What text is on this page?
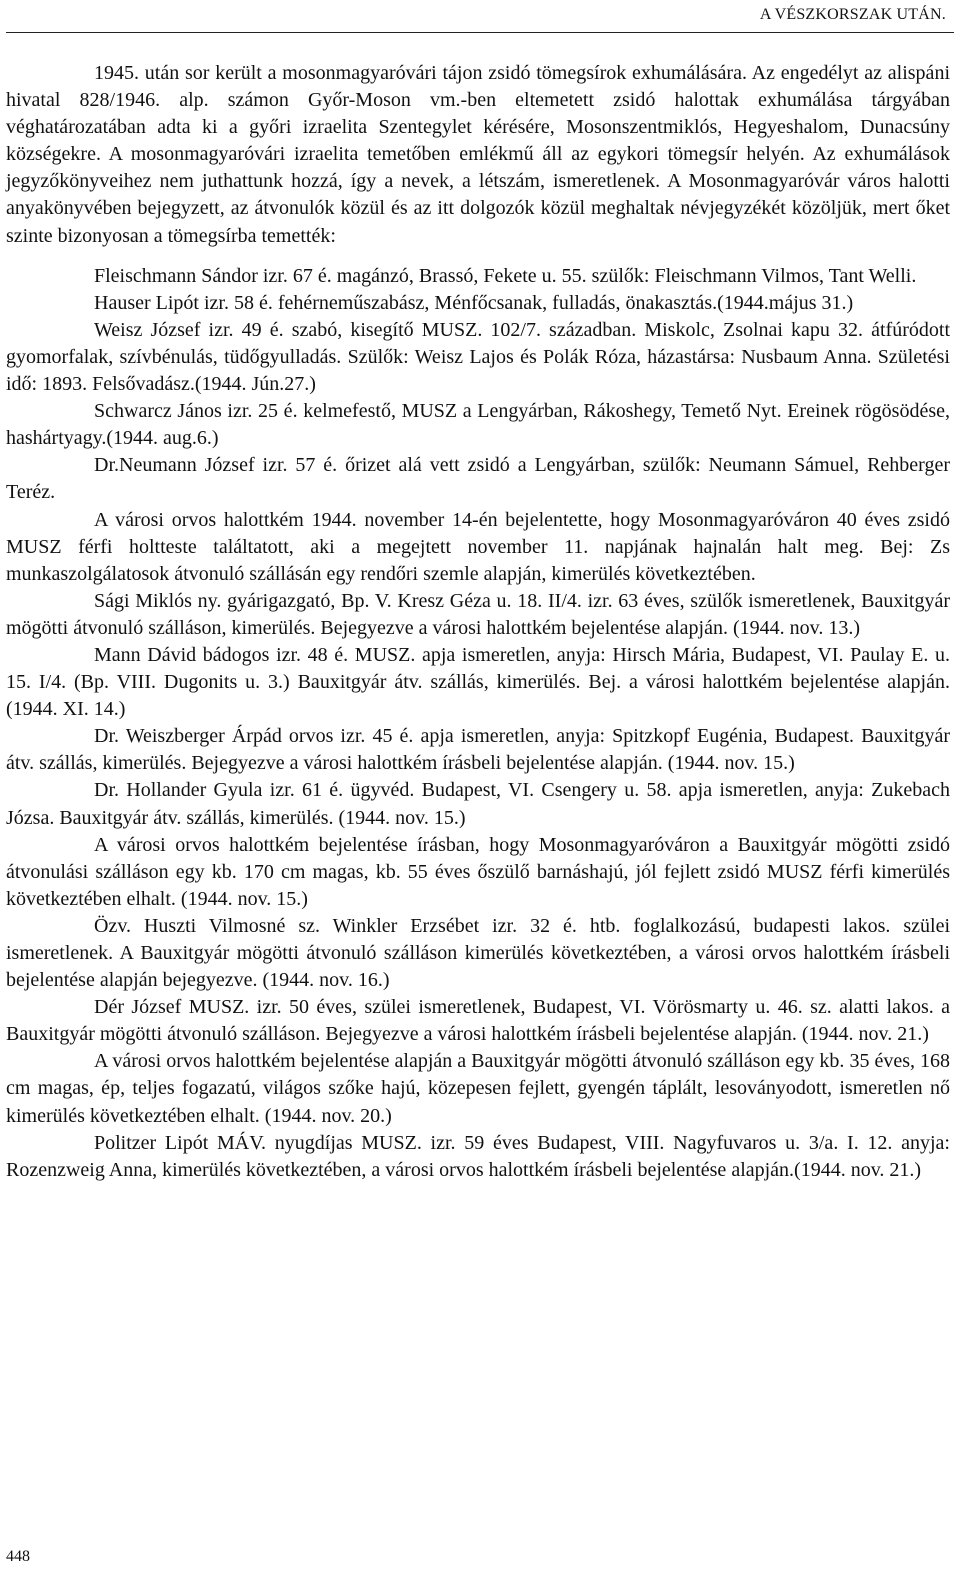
A VÉSZKORSZAK UTÁN.

1945. után sor került a mosonmagyaróvári tájon zsidó tömegsírok exhumálására. Az engedélyt az alispáni hivatal 828/1946. alp. számon Győr-Moson vm.-ben eltemetett zsidó halottak exhumálása tárgyában véghatározatában adta ki a győri izraelita Szentegylet kérésére, Mosonszentmiklós, Hegyeshalom, Dunacsúny községekre. A mosonmagyaróvári izraelita temetőben emlékmű áll az egykori tömegsír helyén. Az exhumálások jegyzőkönyveihez nem juthattunk hozzá, így a nevek, a létszám, ismeretlenek. A Mosonmagyaróvár város halotti anyakönyvében bejegyzett, az átvonulók közül és az itt dolgozók közül meghaltak névjegyzékét közöljük, mert őket szinte bizonyosan a tömegsírba temették:

Fleischmann Sándor izr. 67 é. magánzó, Brassó, Fekete u. 55. szülők: Fleischmann Vilmos, Tant Welli.

Hauser Lipót izr. 58 é. fehérneműszabász, Ménfőcsanak, fulladás, önakasztás.(1944.május 31.)

Weisz József izr. 49 é. szabó, kisegítő MUSZ. 102/7. században. Miskolc, Zsolnai kapu 32. átfúródott gyomorfalak, szívbénulás, tüdőgyulladás. Szülők: Weisz Lajos és Polák Róza, házastársa: Nusbaum Anna. Születési idő: 1893. Felsővadász.(1944. Jún.27.)

Schwarcz János izr. 25 é. kelmefestő, MUSZ a Lengyárban, Rákoshegy, Temető Nyt. Ereinek rögösödése, hashártyagy.(1944. aug.6.)

Dr.Neumann József izr. 57 é. őrizet alá vett zsidó a Lengyárban, szülők: Neumann Sámuel, Rehberger Teréz.

A városi orvos halottkém 1944. november 14-én bejelentette, hogy Mosonmagyaróváron 40 éves zsidó MUSZ férfi holtteste találtatott, aki a megejtett november 11. napjának hajnalán halt meg. Bej: Zs munkaszolgálatosok átvonuló szállásán egy rendőri szemle alapján, kimerülés következtében.

Sági Miklós ny. gyárigazgató, Bp. V. Kresz Géza u. 18. II/4. izr. 63 éves, szülők ismeretlenek, Bauxitgyár mögötti átvonuló szálláson, kimerülés. Bejegyezve a városi halottkém bejelentése alapján. (1944. nov. 13.)

Mann Dávid bádogos izr. 48 é. MUSZ. apja ismeretlen, anyja: Hirsch Mária, Budapest, VI. Paulay E. u. 15. I/4. (Bp. VIII. Dugonits u. 3.) Bauxitgyár átv. szállás, kimerülés. Bej. a városi halottkém bejelentése alapján. (1944. XI. 14.)

Dr. Weiszberger Árpád orvos izr. 45 é. apja ismeretlen, anyja: Spitzkopf Eugénia, Budapest. Bauxitgyár átv. szállás, kimerülés. Bejegyezve a városi halottkém írásbeli bejelentése alapján. (1944. nov. 15.)

Dr. Hollander Gyula izr. 61 é. ügyvéd. Budapest, VI. Csengery u. 58. apja ismeretlen, anyja: Zukebach Józsa. Bauxitgyár átv. szállás, kimerülés. (1944. nov. 15.)

A városi orvos halottkém bejelentése írásban, hogy Mosonmagyaróváron a Bauxitgyár mögötti zsidó átvonulási szálláson egy kb. 170 cm magas, kb. 55 éves őszülő barnáshajú, jól fejlett zsidó MUSZ férfi kimerülés következtében elhalt. (1944. nov. 15.)

Özv. Huszti Vilmosné sz. Winkler Erzsébet izr. 32 é. htb. foglalkozású, budapesti lakos. szülei ismeretlenek. A Bauxitgyár mögötti átvonuló szálláson kimerülés következtében, a városi orvos halottkém írásbeli bejelentése alapján bejegyezve. (1944. nov. 16.)

Dér József MUSZ. izr. 50 éves, szülei ismeretlenek, Budapest, VI. Vörösmarty u. 46. sz. alatti lakos. a Bauxitgyár mögötti átvonuló szálláson. Bejegyezve a városi halottkém írásbeli bejelentése alapján. (1944. nov. 21.)

A városi orvos halottkém bejelentése alapján a Bauxitgyár mögötti átvonuló szálláson egy kb. 35 éves, 168 cm magas, ép, teljes fogazatú, világos szőke hajú, közepesen fejlett, gyengén táplált, lesoványodott, ismeretlen nő kimerülés következtében elhalt. (1944. nov. 20.)

Politzer Lipót MÁV. nyugdíjas MUSZ. izr. 59 éves Budapest, VIII. Nagyfuvaros u. 3/a. I. 12. anyja: Rozenzweig Anna, kimerülés következtében, a városi orvos halottkém írásbeli bejelentése alapján.(1944. nov. 21.)

448
